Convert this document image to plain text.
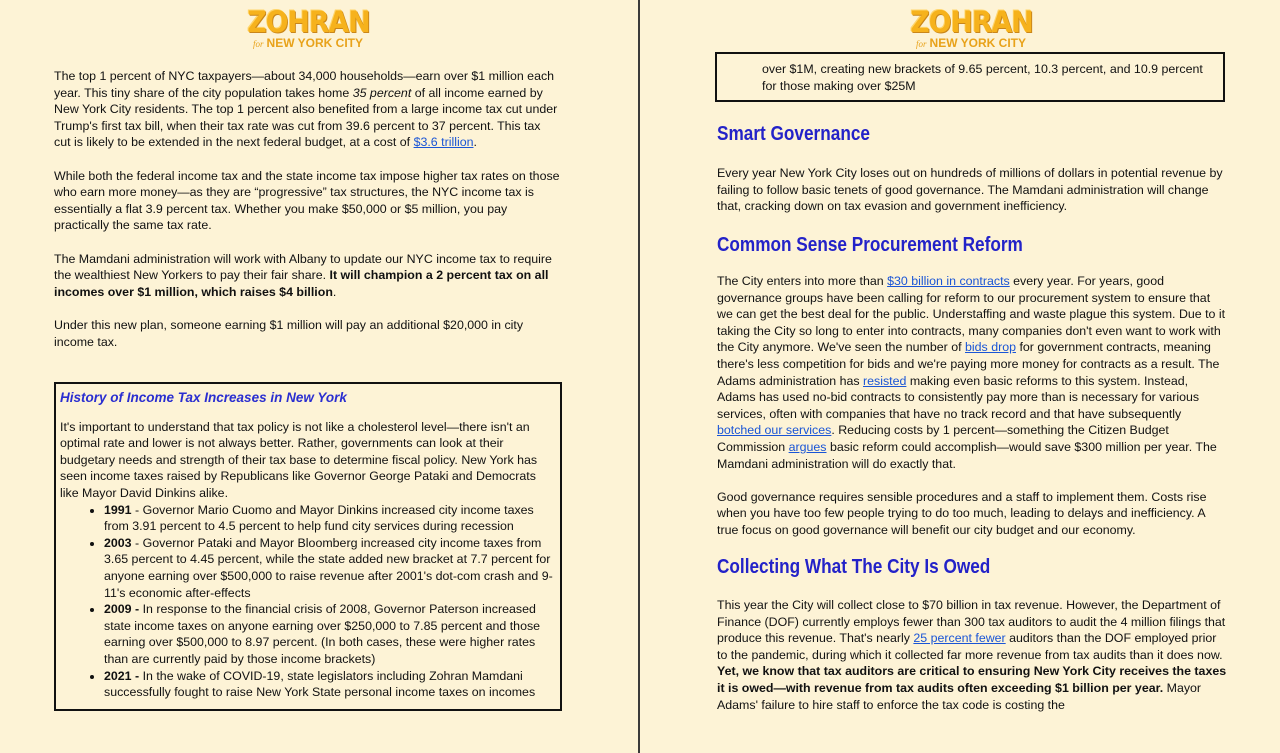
ZOHRAN
for NEW YORK CITY

The top 1 percent of NYC taxpayers—about 34,000 households—earn over $1 million each year. This tiny share of the city population takes home 35 percent of all income earned by New York City residents. The top 1 percent also benefited from a large income tax cut under Trump's first tax bill, when their tax rate was cut from 39.6 percent to 37 percent. This tax cut is likely to be extended in the next federal budget, at a cost of $3.6 trillion.

While both the federal income tax and the state income tax impose higher tax rates on those who earn more money—as they are “progressive” tax structures, the NYC income tax is essentially a flat 3.9 percent tax. Whether you make $50,000 or $5 million, you pay practically the same tax rate.

The Mamdani administration will work with Albany to update our NYC income tax to require the wealthiest New Yorkers to pay their fair share. It will champion a 2 percent tax on all incomes over $1 million, which raises $4 billion.

Under this new plan, someone earning $1 million will pay an additional $20,000 in city income tax.

History of Income Tax Increases in New York

It's important to understand that tax policy is not like a cholesterol level—there isn't an optimal rate and lower is not always better. Rather, governments can look at their budgetary needs and strength of their tax base to determine fiscal policy. New York has seen income taxes raised by Republicans like Governor George Pataki and Democrats like Mayor David Dinkins alike.

• 1991 - Governor Mario Cuomo and Mayor Dinkins increased city income taxes from 3.91 percent to 4.5 percent to help fund city services during recession
• 2003 - Governor Pataki and Mayor Bloomberg increased city income taxes from 3.65 percent to 4.45 percent, while the state added new bracket at 7.7 percent for anyone earning over $500,000 to raise revenue after 2001's dot-com crash and 9-11's economic after-effects
• 2009 - In response to the financial crisis of 2008, Governor Paterson increased state income taxes on anyone earning over $250,000 to 7.85 percent and those earning over $500,000 to 8.97 percent. (In both cases, these were higher rates than are currently paid by those income brackets)
• 2021 - In the wake of COVID-19, state legislators including Zohran Mamdani successfully fought to raise New York State personal income taxes on incomes
ZOHRAN
for NEW YORK CITY
over $1M, creating new brackets of 9.65 percent, 10.3 percent, and 10.9 percent for those making over $25M
Smart Governance
Every year New York City loses out on hundreds of millions of dollars in potential revenue by failing to follow basic tenets of good governance. The Mamdani administration will change that, cracking down on tax evasion and government inefficiency.
Common Sense Procurement Reform

The City enters into more than $30 billion in contracts every year. For years, good governance groups have been calling for reform to our procurement system to ensure that we can get the best deal for the public. Understaffing and waste plague this system. Due to it taking the City so long to enter into contracts, many companies don't even want to work with the City anymore. We've seen the number of bids drop for government contracts, meaning there's less competition for bids and we're paying more money for contracts as a result. The Adams administration has resisted making even basic reforms to this system. Instead, Adams has used no-bid contracts to consistently pay more than is necessary for various services, often with companies that have no track record and that have subsequently botched our services. Reducing costs by 1 percent—something the Citizen Budget Commission argues basic reform could accomplish—would save $300 million per year. The Mamdani administration will do exactly that.

Good governance requires sensible procedures and a staff to implement them. Costs rise when you have too few people trying to do too much, leading to delays and inefficiency. A true focus on good governance will benefit our city budget and our economy.

Collecting What The City Is Owed

This year the City will collect close to $70 billion in tax revenue. However, the Department of Finance (DOF) currently employs fewer than 300 tax auditors to audit the 4 million filings that produce this revenue. That's nearly 25 percent fewer auditors than the DOF employed prior to the pandemic, during which it collected far more revenue from tax audits than it does now. Yet, we know that tax auditors are critical to ensuring New York City receives the taxes it is owed—with revenue from tax audits often exceeding $1 billion per year. Mayor Adams' failure to hire staff to enforce the tax code is costing the
